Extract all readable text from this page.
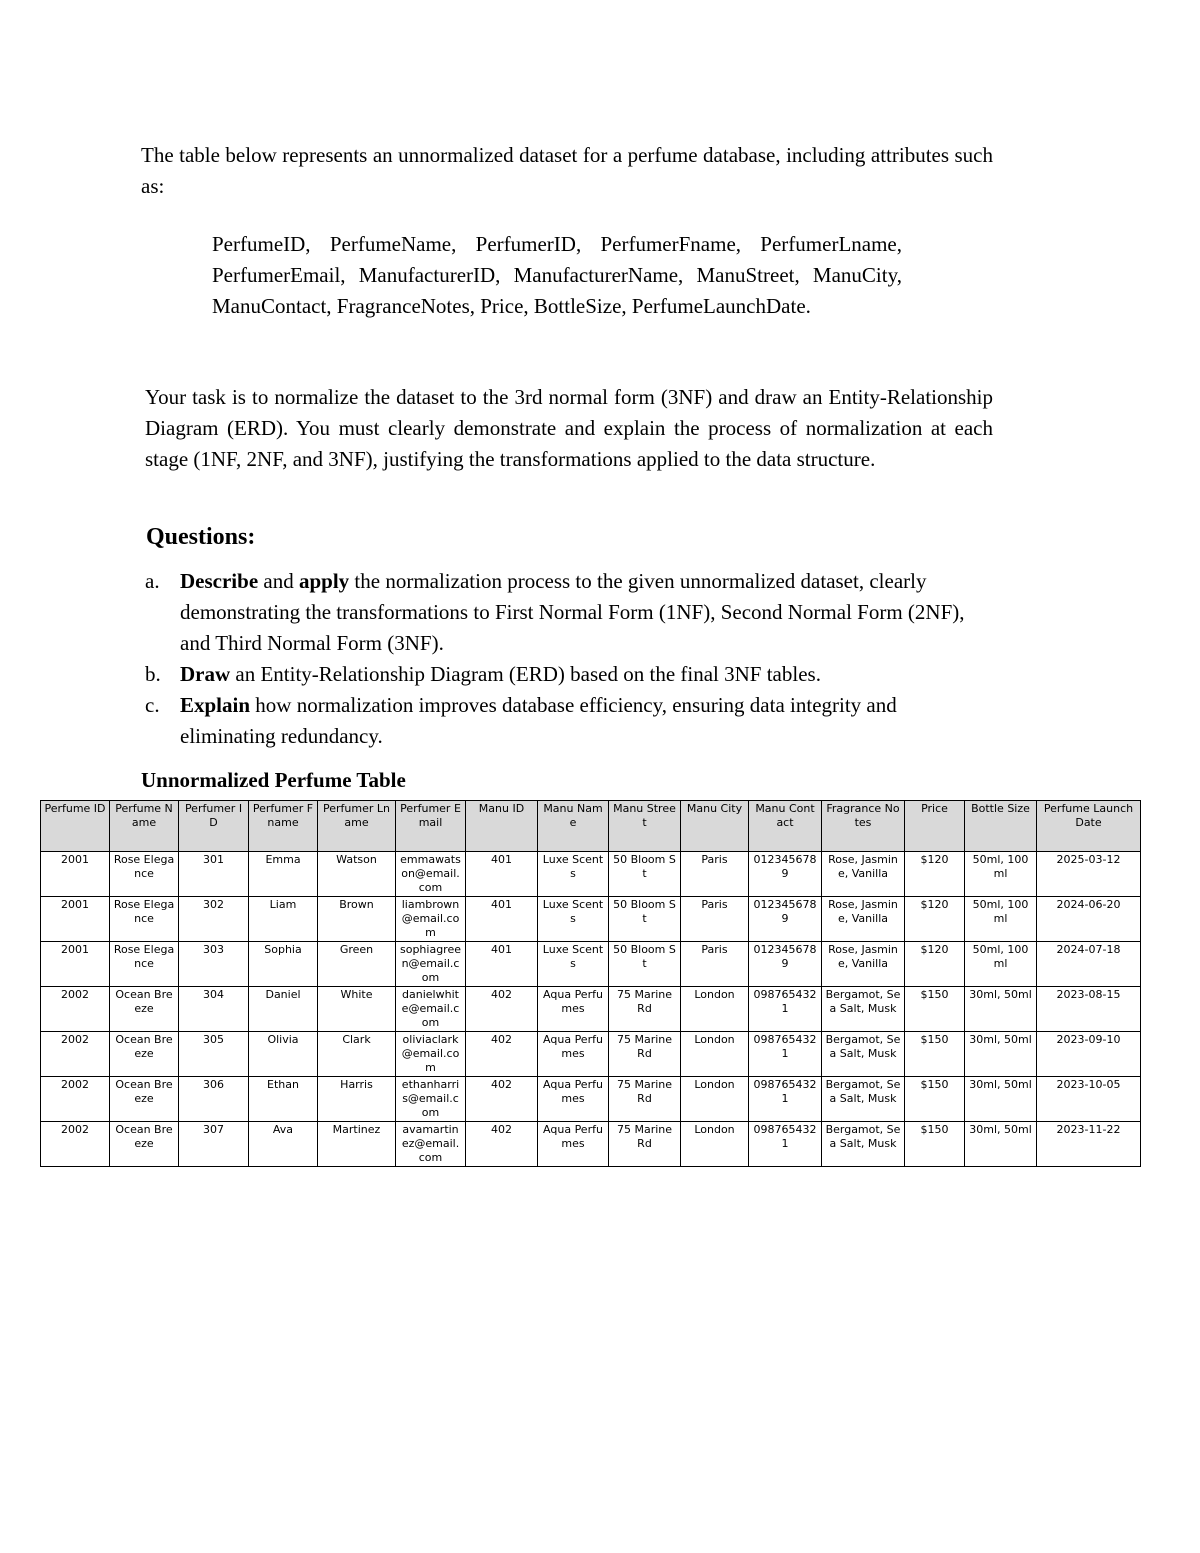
The table below represents an unnormalized dataset for a perfume database, including attributes such as:

PerfumeID, PerfumeName, PerfumerID, PerfumerFname, PerfumerLname, PerfumerEmail, ManufacturerID, ManufacturerName, ManuStreet, ManuCity, ManuContact, FragranceNotes, Price, BottleSize, PerfumeLaunchDate.

Your task is to normalize the dataset to the 3rd normal form (3NF) and draw an Entity-Relationship Diagram (ERD). You must clearly demonstrate and explain the process of normalization at each stage (1NF, 2NF, and 3NF), justifying the transformations applied to the data structure.

Questions:
a. Describe and apply the normalization process to the given unnormalized dataset, clearly demonstrating the transformations to First Normal Form (1NF), Second Normal Form (2NF), and Third Normal Form (3NF).
b. Draw an Entity-Relationship Diagram (ERD) based on the final 3NF tables.
c. Explain how normalization improves database efficiency, ensuring data integrity and eliminating redundancy.
Unnormalized Perfume Table
Perfume ID	Perfume Name	Perfumer ID	Perfumer Fname	Perfumer Lname	Perfumer Email	Manu ID	Manu Name	Manu Street	Manu City	Manu Contact	Fragrance Notes	Price	Bottle Size	Perfume Launch Date
2001	Rose Elegance	301	Emma	Watson	emmawatson@email.com	401	Luxe Scents	50 Bloom St	Paris	0123456789	Rose, Jasmine, Vanilla	$120	50ml, 100ml	2025-03-12
2001	Rose Elegance	302	Liam	Brown	liambrown@email.com	401	Luxe Scents	50 Bloom St	Paris	0123456789	Rose, Jasmine, Vanilla	$120	50ml, 100ml	2024-06-20
2001	Rose Elegance	303	Sophia	Green	sophiagreen@email.com	401	Luxe Scents	50 Bloom St	Paris	0123456789	Rose, Jasmine, Vanilla	$120	50ml, 100ml	2024-07-18
2002	Ocean Breeze	304	Daniel	White	danielwhite@email.com	402	Aqua Perfumes	75 Marine Rd	London	0987654321	Bergamot, Sea Salt, Musk	$150	30ml, 50ml	2023-08-15
2002	Ocean Breeze	305	Olivia	Clark	oliviaclark@email.com	402	Aqua Perfumes	75 Marine Rd	London	0987654321	Bergamot, Sea Salt, Musk	$150	30ml, 50ml	2023-09-10
2002	Ocean Breeze	306	Ethan	Harris	ethanharris@email.com	402	Aqua Perfumes	75 Marine Rd	London	0987654321	Bergamot, Sea Salt, Musk	$150	30ml, 50ml	2023-10-05
2002	Ocean Breeze	307	Ava	Martinez	avamartinez@email.com	402	Aqua Perfumes	75 Marine Rd	London	0987654321	Bergamot, Sea Salt, Musk	$150	30ml, 50ml	2023-11-22
